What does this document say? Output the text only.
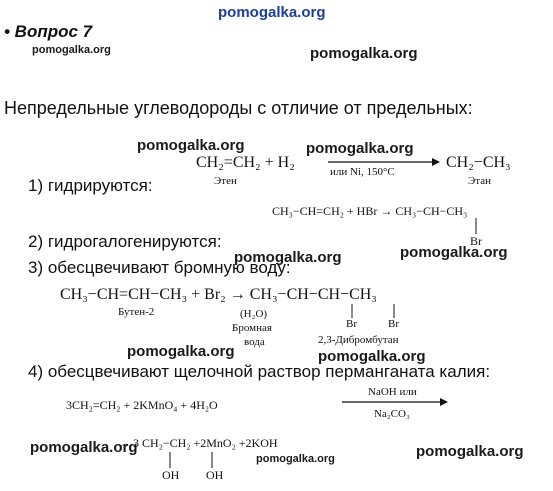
pomogalka.org
pomogalka.org	pomogalka.org
pomogalka.org	pomogalka.org
pomogalka.org	pomogalka.org
pomogalka.org	pomogalka.org
pomogalka.org
pomogalka.org	pomogalka.org
• Вопрос 7
Непредельные углеводороды с отличие от предельных:
1) гидрируются:
CH₂=CH₂ + H₂
Этен
или Ni, 150°C
CH₂−CH₃
Этан
CH₃−CH=CH₂ + HBr → CH₃−CH−CH₃
Br
2) гидрогалогенируются:
3) обесцвечивают бромную воду:
CH₃−CH=CH−CH₃ + Br₂ → CH₃−CH−CH−CH₃
Бутен-2	(H₂O)
Бромная
вода
Br	Br
2,3-Дибромбутан
4) обесцвечивают щелочной раствор перманганата калия:
3CH₂=CH₂ + 2KMnO₄ + 4H₂O
NaOH или
Na₂CO₃
→ 3 CH₂−CH₂ +2MnO₂ +2KOH
OH OH
